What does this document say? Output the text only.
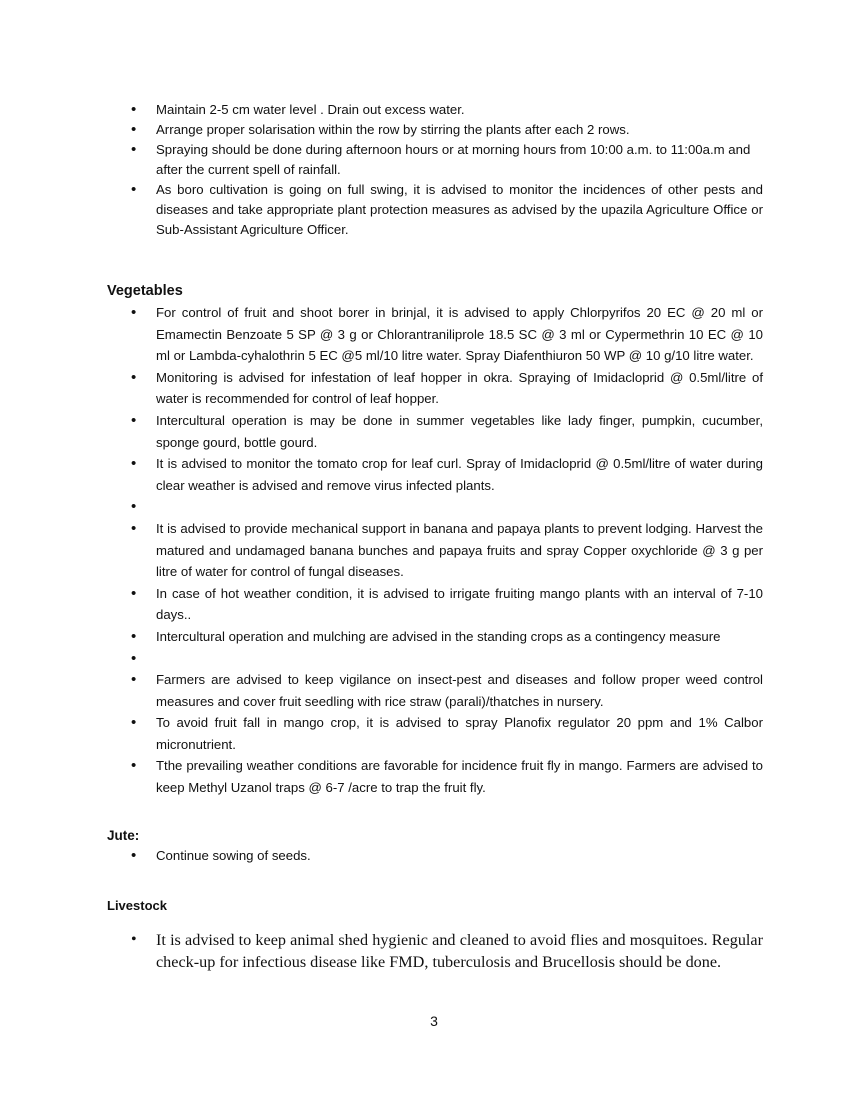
• Maintain 2-5 cm water level . Drain out excess water.
• Arrange proper solarisation within the row by stirring the plants after each 2 rows.
• Spraying should be done during afternoon hours or at morning hours from 10:00 a.m. to 11:00a.m and after the current spell of rainfall.
• As boro cultivation is going on full swing, it is advised to monitor the incidences of other pests and diseases and take appropriate plant protection measures as advised by the upazila Agriculture Office or Sub-Assistant Agriculture Officer.
Vegetables
• For control of fruit and shoot borer in brinjal, it is advised to apply Chlorpyrifos 20 EC @ 20 ml or Emamectin Benzoate 5 SP @ 3 g or Chlorantraniliprole 18.5 SC @ 3 ml or Cypermethrin 10 EC @ 10 ml or Lambda-cyhalothrin 5 EC @5 ml/10 litre water. Spray Diafenthiuron 50 WP @ 10 g/10 litre water.
• Monitoring is advised for infestation of leaf hopper in okra. Spraying of Imidacloprid @ 0.5ml/litre of water is recommended for control of leaf hopper.
• Intercultural operation is may be done in summer vegetables like lady finger, pumpkin, cucumber, sponge gourd, bottle gourd.
• It is advised to monitor the tomato crop for leaf curl. Spray of Imidacloprid @ 0.5ml/litre of water during clear weather is advised and remove virus infected plants.
•
• It is advised to provide mechanical support in banana and papaya plants to prevent lodging. Harvest the matured and undamaged banana bunches and papaya fruits and spray Copper oxychloride @ 3 g per litre of water for control of fungal diseases.
• In case of hot weather condition, it is advised to irrigate fruiting mango plants with an interval of 7-10 days..
• Intercultural operation and mulching are advised in the standing crops as a contingency measure
•
• Farmers are advised to keep vigilance on insect-pest and diseases and follow proper weed control measures and cover fruit seedling with rice straw (parali)/thatches in nursery.
• To avoid fruit fall in mango crop, it is advised to spray Planofix regulator 20 ppm and 1% Calbor micronutrient.
• Tthe prevailing weather conditions are favorable for incidence fruit fly in mango. Farmers are advised to keep Methyl Uzanol traps @ 6-7 /acre to trap the fruit fly.
Jute:
• Continue sowing of seeds.
Livestock
• It is advised to keep animal shed hygienic and cleaned to avoid flies and mosquitoes. Regular check-up for infectious disease like FMD, tuberculosis and Brucellosis should be done.
3
